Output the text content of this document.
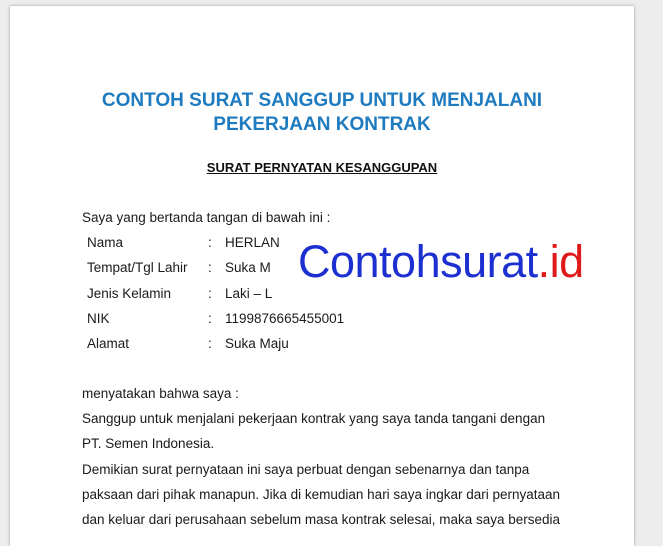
CONTOH SURAT SANGGUP UNTUK MENJALANI
PEKERJAAN KONTRAK
SURAT PERNYATAN KESANGGUPAN
Saya yang bertanda tangan di bawah ini :
Nama	: HERLAN
Tempat/Tgl Lahir : Suka M
Jenis Kelamin	: Laki – L
NIK	: 1199876665455001
Alamat	: Suka Maju
menyatakan bahwa saya :
Sanggup untuk menjalani pekerjaan kontrak yang saya tanda tangani dengan
PT. Semen Indonesia.
Demikian surat pernyataan ini saya perbuat dengan sebenarnya dan tanpa
paksaan dari pihak manapun. Jika di kemudian hari saya ingkar dari pernyataan
dan keluar dari perusahaan sebelum masa kontrak selesai, maka saya bersedia
Contohsurat.id
